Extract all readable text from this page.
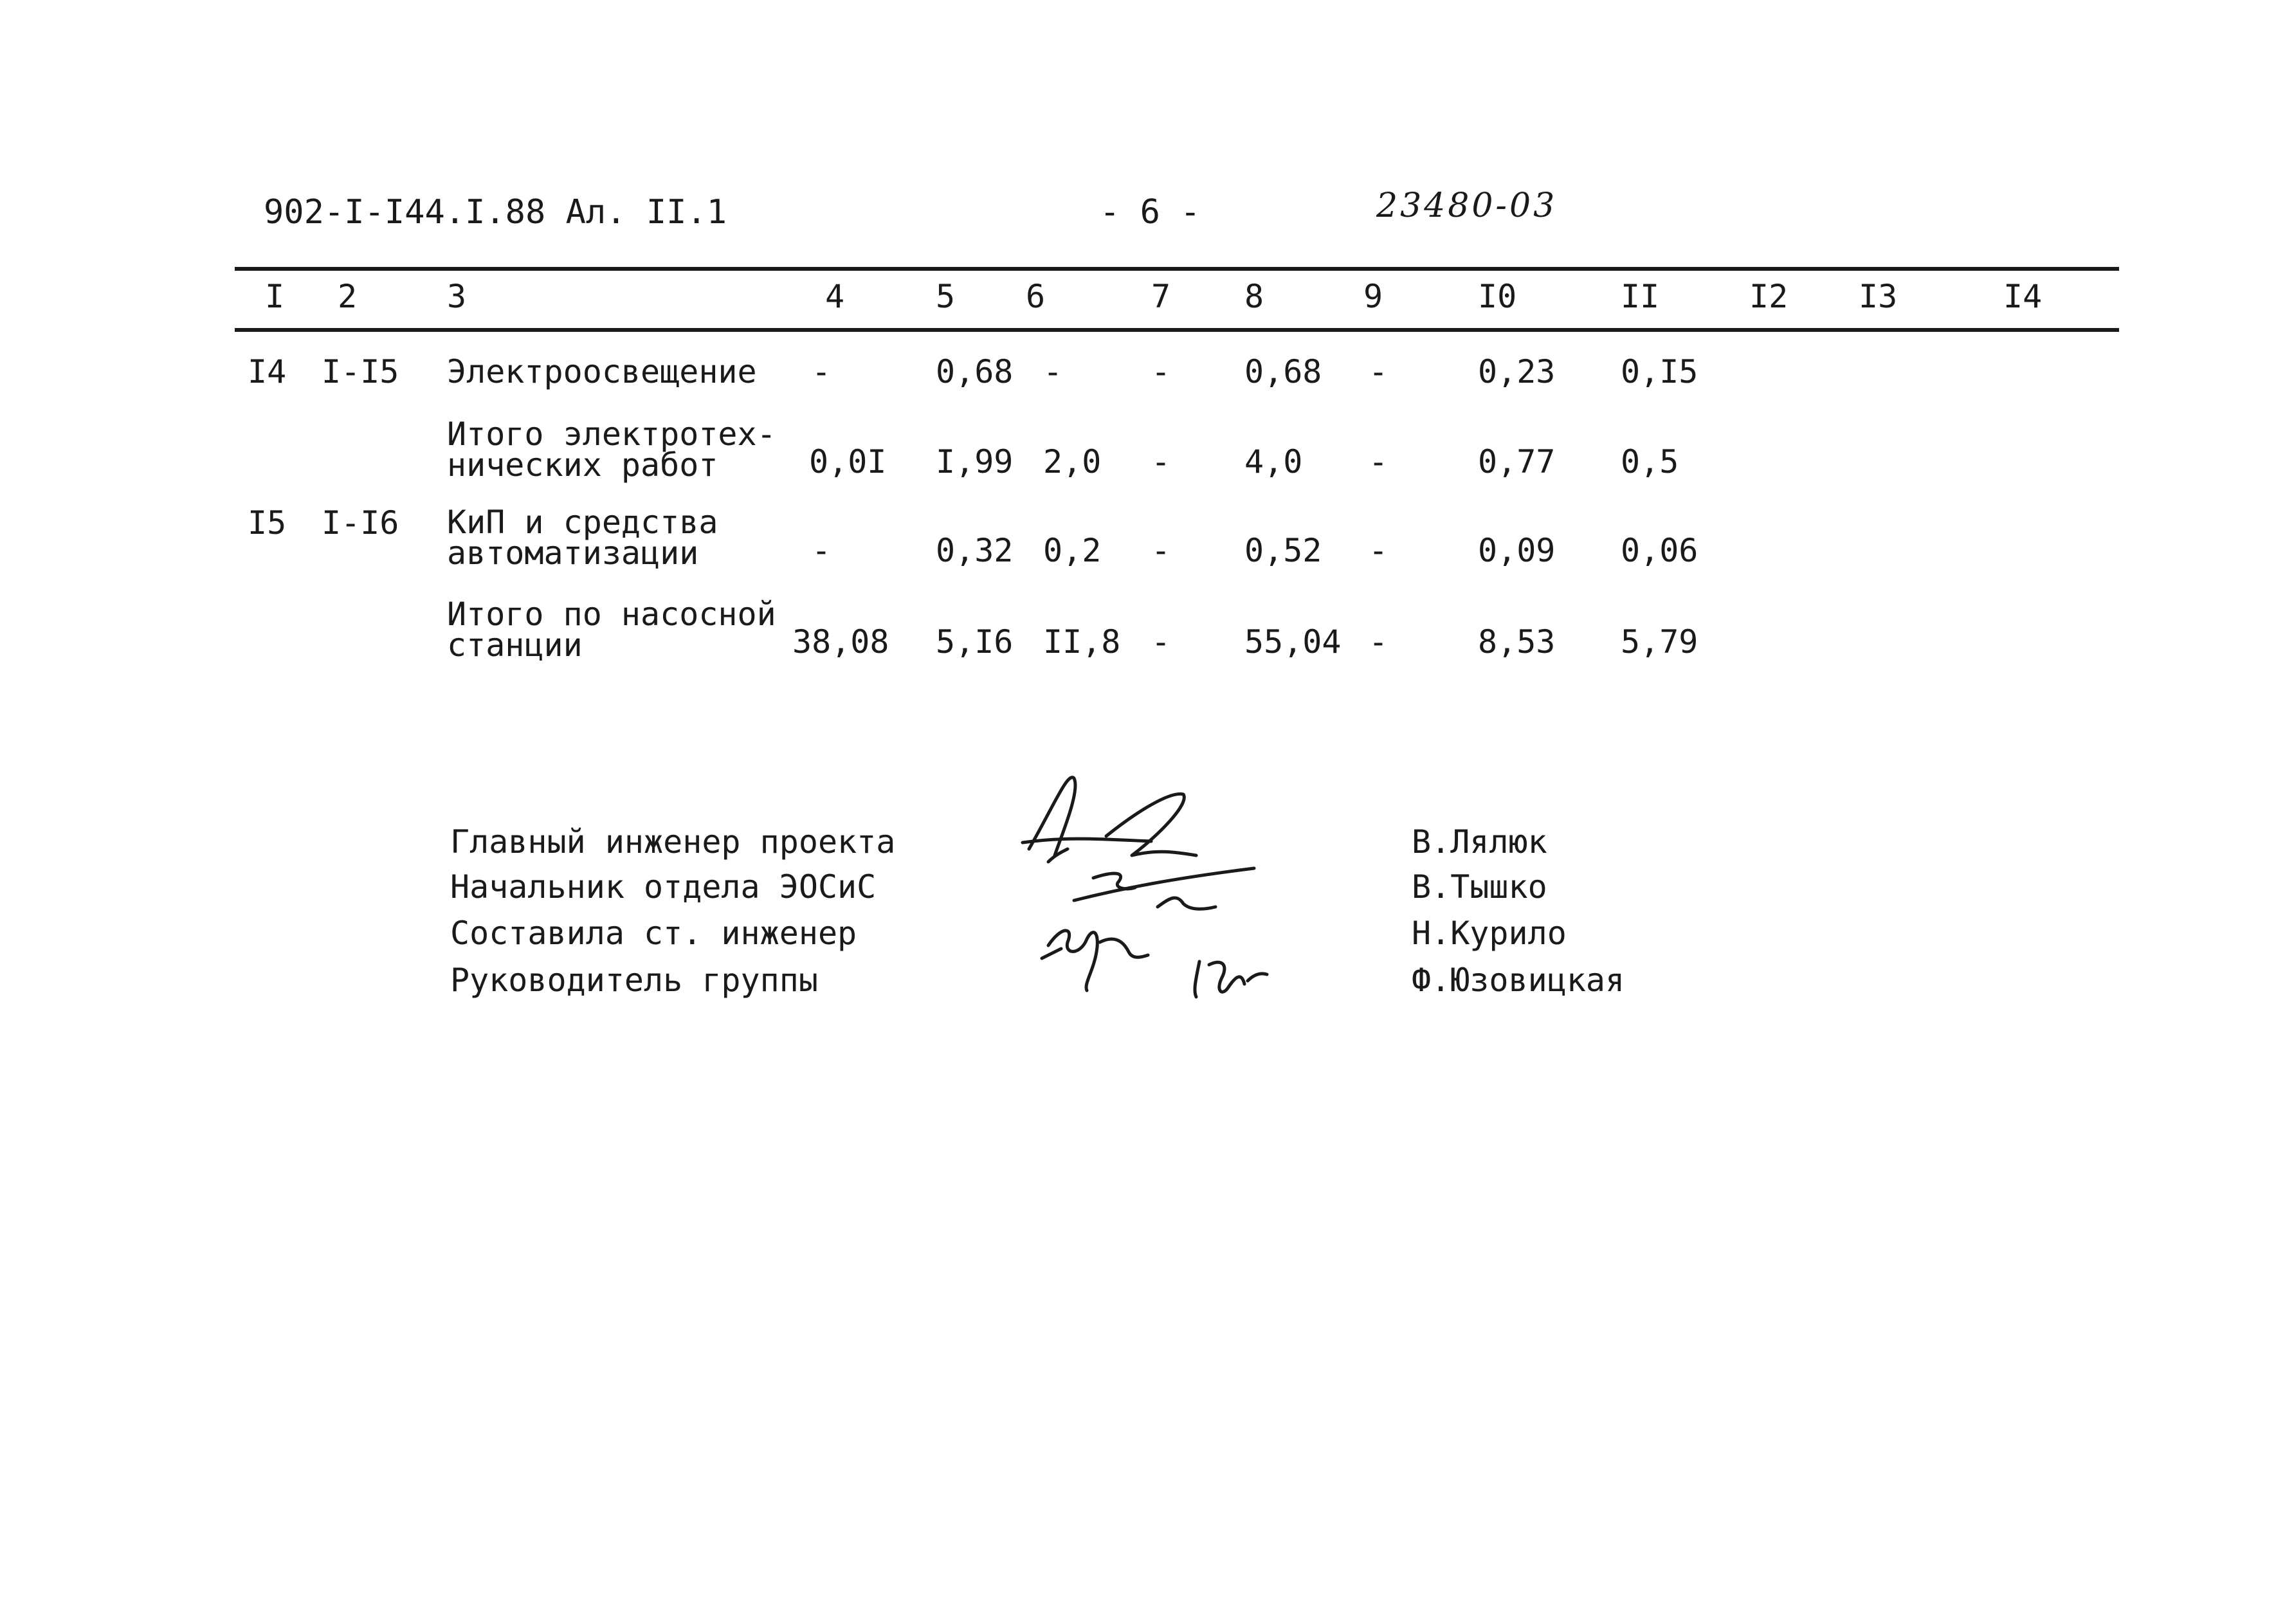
902-I-I44.I.88 Ал. II.1	- 6 -	23480-03
I 2	3	4	5 6	7 8	9	I0	II	I2 I3	I4
I4 I-I5 Электроосвещение -	0,68 -	- 0,68 -	0,23 0,I5
Итого электротех-
нических работ	0,0I I,99 2,0 - 4,0 -	0,77 0,5
I5 I-I6 КиП и средства
автоматизации	-	0,32 0,2 - 0,52 -	0,09 0,06
Итого по насосной
станции	38,08 5,I6 II,8 - 55,04 -	8,53 5,79
Главный инженер проекта
Начальник отдела ЭОСиС
Составила ст. инженер
Руководитель группы
В.Лялюк
В.Тышко
Н.Курило
Ф.Юзовицкая
